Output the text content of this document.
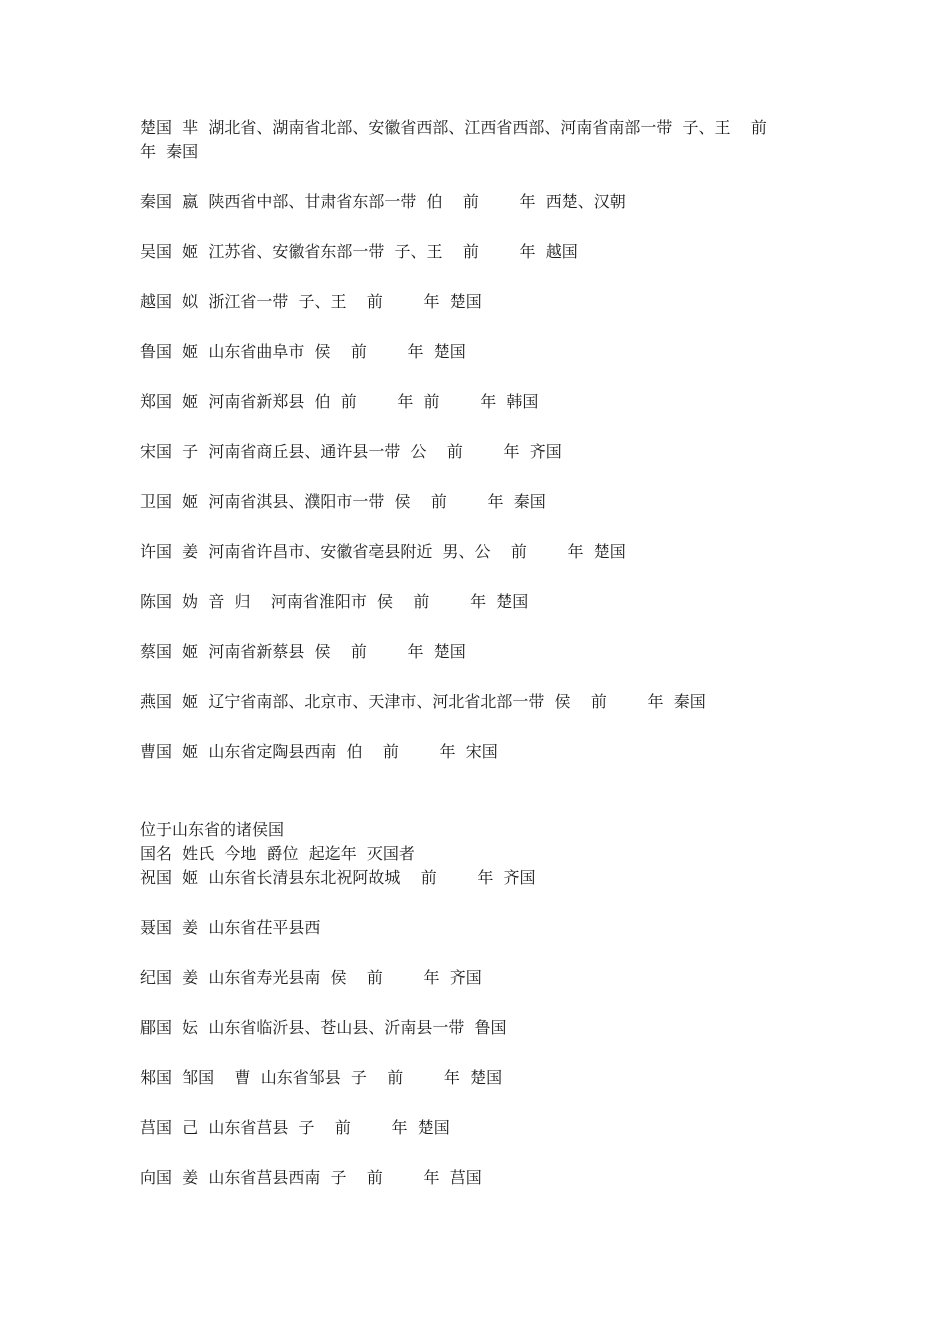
楚国  芈  湖北省、湖南省北部、安徽省西部、江西省西部、河南省南部一带  子、王    前        年  秦国

秦国  嬴  陕西省中部、甘肃省东部一带  伯    前        年  西楚、汉朝

吴国  姬  江苏省、安徽省东部一带  子、王    前        年  越国

越国  姒  浙江省一带  子、王    前        年  楚国

鲁国  姬  山东省曲阜市  侯    前        年  楚国

郑国  姬  河南省新郑县  伯  前        年  前        年  韩国

宋国  子  河南省商丘县、通许县一带  公    前        年  齐国

卫国  姬  河南省淇县、濮阳市一带  侯    前        年  秦国

许国  姜  河南省许昌市、安徽省亳县附近  男、公    前        年  楚国

陈国  妫  音  归    河南省淮阳市  侯    前        年  楚国

蔡国  姬  河南省新蔡县  侯    前        年  楚国

燕国  姬  辽宁省南部、北京市、天津市、河北省北部一带  侯    前        年  秦国

曹国  姬  山东省定陶县西南  伯    前        年  宋国

位于山东省的诸侯国

国名  姓氏  今地  爵位  起迄年  灭国者

祝国  姬  山东省长清县东北祝阿故城    前        年  齐国

聂国  姜  山东省茌平县西

纪国  姜  山东省寿光县南  侯    前        年  齐国

郿国  妘  山东省临沂县、苍山县、沂南县一带  鲁国

邾国  邹国    曹  山东省邹县  子    前        年  楚国

莒国  己  山东省莒县  子    前        年  楚国

向国  姜  山东省莒县西南  子    前        年  莒国
